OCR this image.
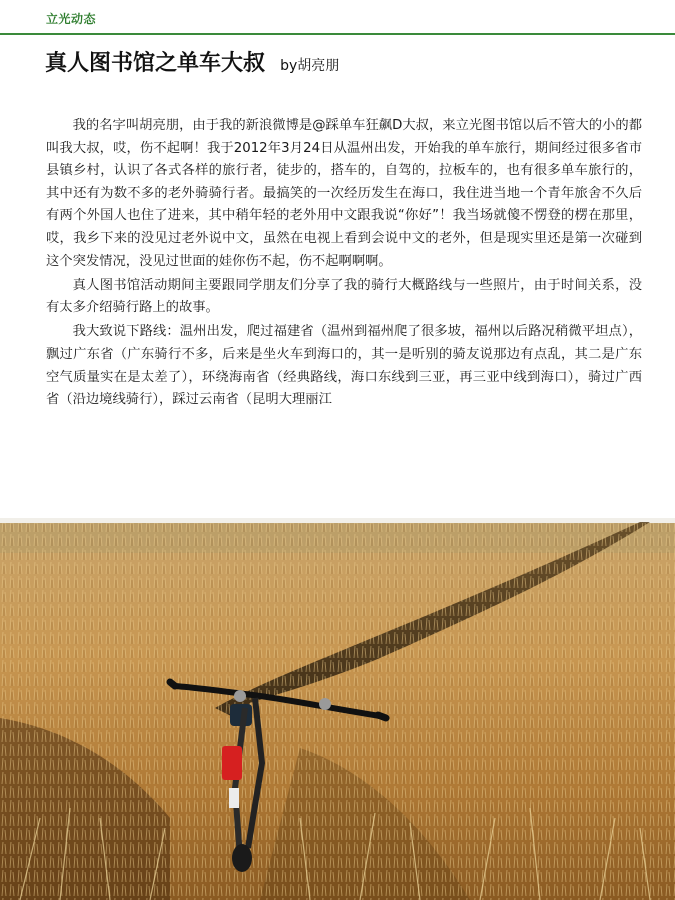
立光动态
真人图书馆之单车大叔 by胡亮朋

我的名字叫胡亮朋，由于我的新浪微博是@踩单车狂飙D大叔，来立光图书馆以后不管大的小的都叫我大叔，哎，伤不起啊！我于2012年3月24日从温州出发，开始我的单车旅行，期间经过很多省市县镇乡村，认识了各式各样的旅行者，徒步的，搭车的，自驾的，拉板车的，也有很多单车旅行的，其中还有为数不多的老外骑骑行者。最搞笑的一次经历发生在海口，我住进当地一个青年旅舍不久后有两个外国人也住了进来，其中稍年轻的老外用中文跟我说“你好”！我当场就傻不愣登的楞在那里，哎，我乡下来的没见过老外说中文，虽然在电视上看到会说中文的老外，但是现实里还是第一次碰到这个突发情况，没见过世面的娃你伤不起，伤不起啊啊啊。

真人图书馆活动期间主要跟同学朋友们分享了我的骑行大概路线与一些照片，由于时间关系，没有太多介绍骑行路上的故事。

我大致说下路线：温州出发，爬过福建省（温州到福州爬了很多坡，福州以后路况稍微平坦点），飘过广东省（广东骑行不多，后来是坐火车到海口的，其一是听别的骑友说那边有点乱，其二是广东空气质量实在是太差了），环绕海南省（经典路线，海口东线到三亚，再三亚中线到海口），骑过广西省（沿边境线骑行），踩过云南省（昆明大理丽江
